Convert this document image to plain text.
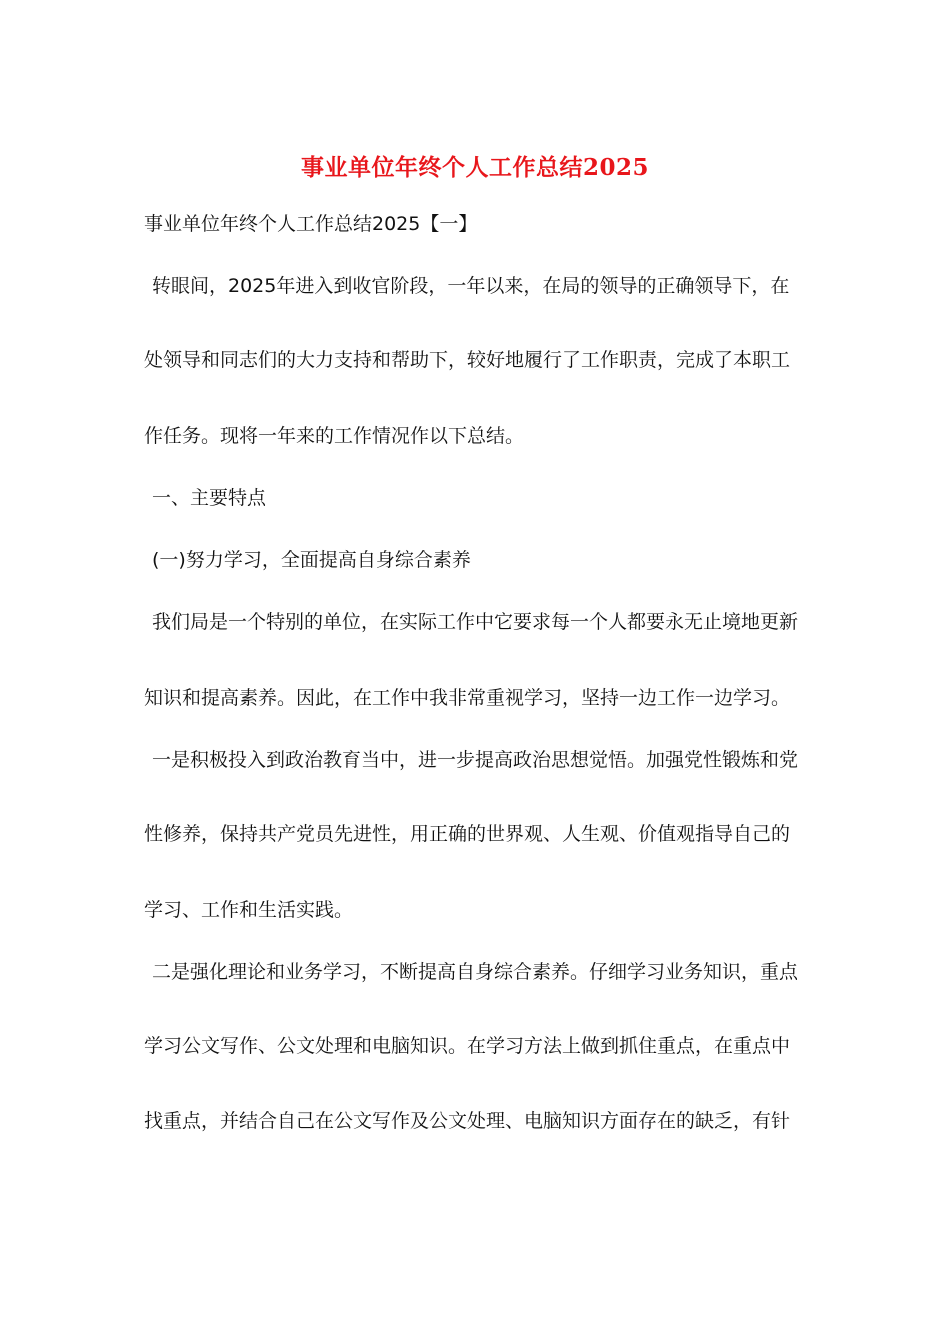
事业单位年终个人工作总结2025
事业单位年终个人工作总结2025【一】
转眼间，2025年进入到收官阶段，一年以来，在局的领导的正确领导下，在
处领导和同志们的大力支持和帮助下，较好地履行了工作职责，完成了本职工
作任务。现将一年来的工作情况作以下总结。
一、主要特点
(一)努力学习，全面提高自身综合素养
我们局是一个特别的单位，在实际工作中它要求每一个人都要永无止境地更新
知识和提高素养。因此，在工作中我非常重视学习，坚持一边工作一边学习。
一是积极投入到政治教育当中，进一步提高政治思想觉悟。加强党性锻炼和党
性修养，保持共产党员先进性，用正确的世界观、人生观、价值观指导自己的
学习、工作和生活实践。
二是强化理论和业务学习，不断提高自身综合素养。仔细学习业务知识，重点
学习公文写作、公文处理和电脑知识。在学习方法上做到抓住重点，在重点中
找重点，并结合自己在公文写作及公文处理、电脑知识方面存在的缺乏，有针
